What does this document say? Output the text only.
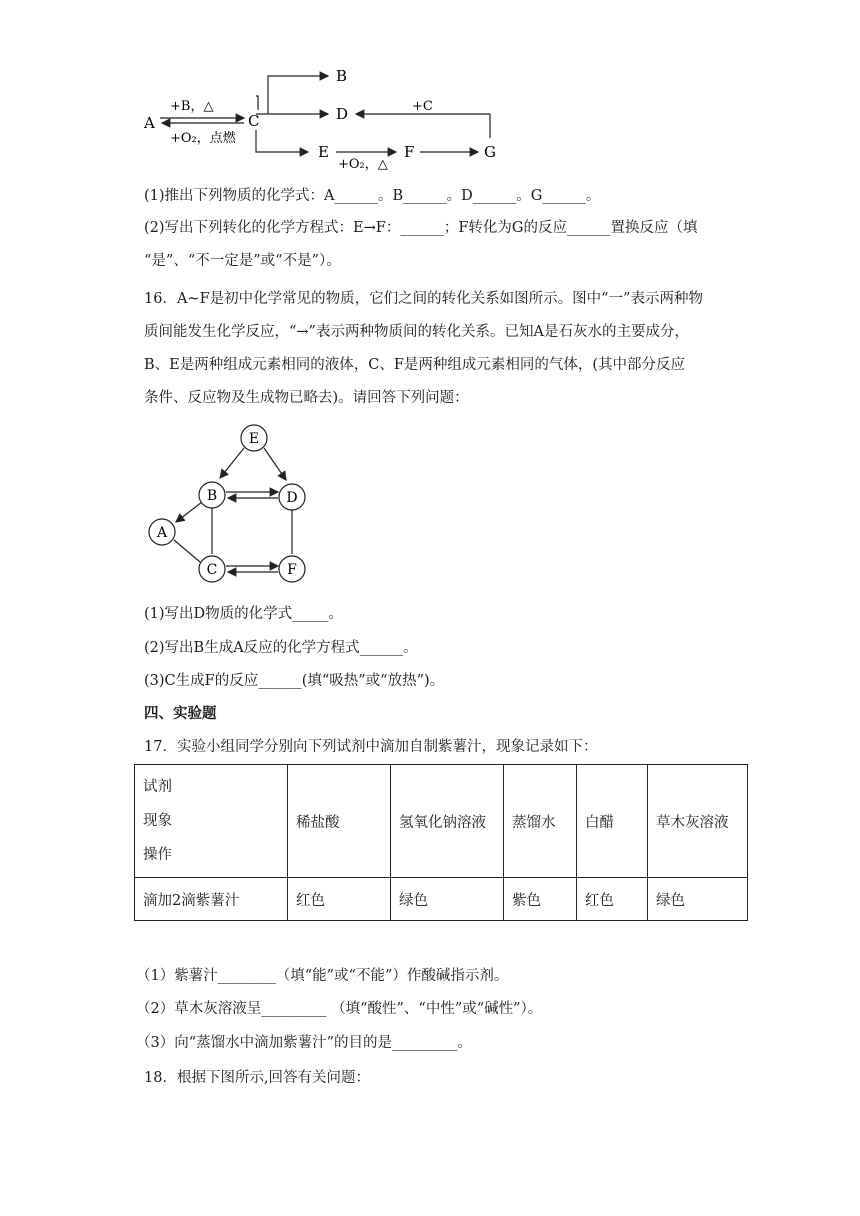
A	C
+B，△
+O₂，点燃
B
D	+C
E
+O₂，△
F	G
(1)推出下列物质的化学式：A______。B______。D______。G______。
(2)写出下列转化的化学方程式：E→F：______；F转化为G的反应______置换反应（填
“是”、“不一定是”或“不是”）。
16．A~F是初中化学常见的物质，它们之间的转化关系如图所示。图中“一”表示两种物
质间能发生化学反应，“→”表示两种物质间的转化关系。已知A是石灰水的主要成分，
B、E是两种组成元素相同的液体，C、F是两种组成元素相同的气体，(其中部分反应
条件、反应物及生成物已略去)。请回答下列问题：
E
B	D
A
C	F
(1)写出D物质的化学式_____。
(2)写出B生成A反应的化学方程式______。
(3)C生成F的反应______(填“吸热”或“放热”)。
四、实验题
17．实验小组同学分别向下列试剂中滴加自制紫薯汁，现象记录如下：
试剂
现象
操作	稀盐酸	氢氧化钠溶液	蒸馏水	白醋	草木灰溶液
滴加2滴紫薯汁	红色	绿色	紫色	红色	绿色
（1）紫薯汁________（填“能”或“不能”）作酸碱指示剂。
（2）草木灰溶液呈_________ （填“酸性”、“中性”或“碱性”）。
（3）向“蒸馏水中滴加紫薯汁”的目的是_________。
18．根据下图所示,回答有关问题：
